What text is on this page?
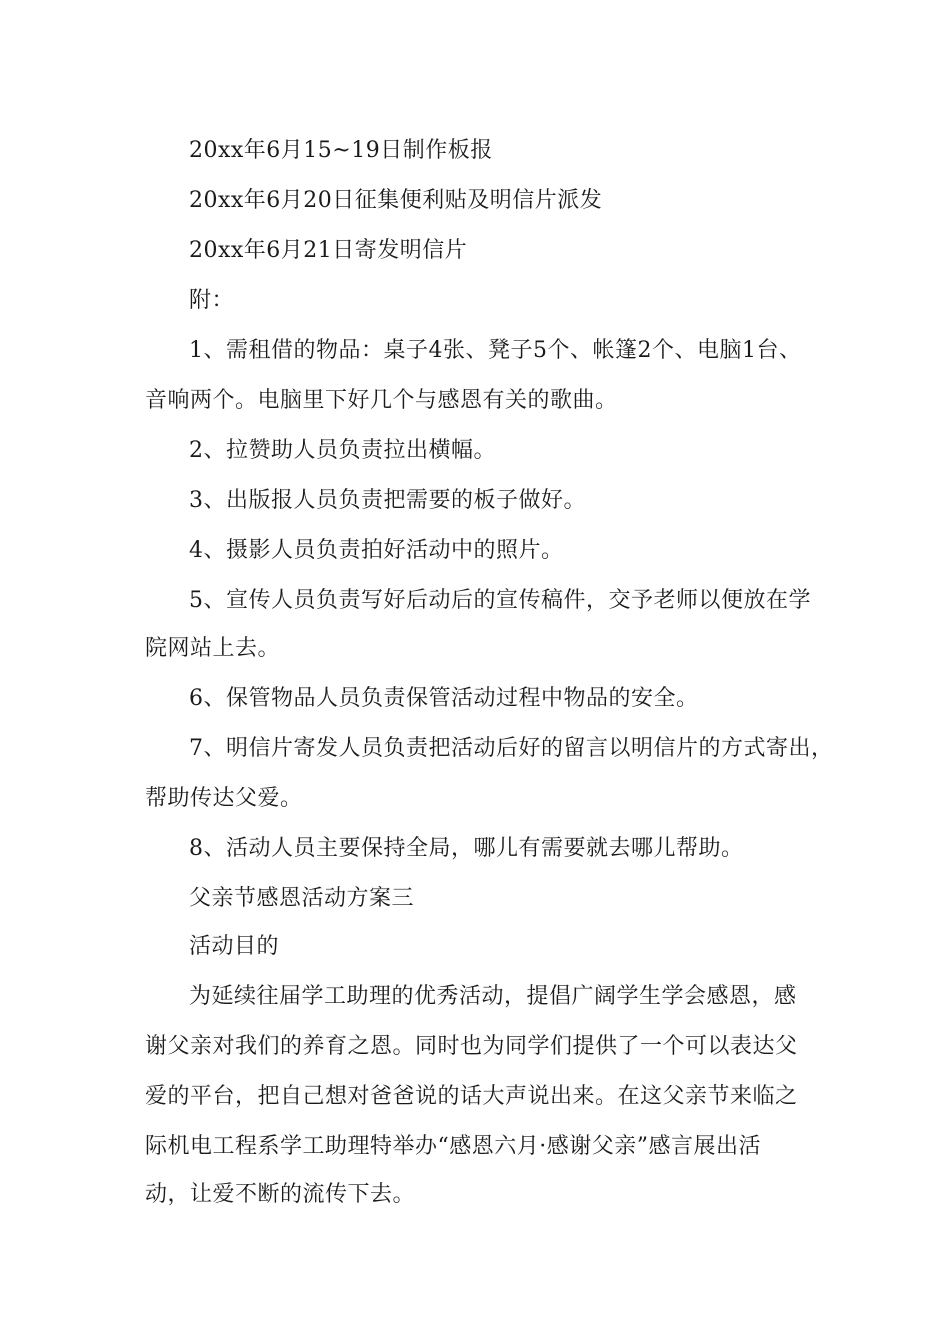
20xx年6月15~19日制作板报
20xx年6月20日征集便利贴及明信片派发
20xx年6月21日寄发明信片
附：
1、需租借的物品：桌子4张、凳子5个、帐篷2个、电脑1台、
音响两个。电脑里下好几个与感恩有关的歌曲。
2、拉赞助人员负责拉出横幅。
3、出版报人员负责把需要的板子做好。
4、摄影人员负责拍好活动中的照片。
5、宣传人员负责写好后动后的宣传稿件，交予老师以便放在学
院网站上去。
6、保管物品人员负责保管活动过程中物品的安全。
7、明信片寄发人员负责把活动后好的留言以明信片的方式寄出，
帮助传达父爱。
8、活动人员主要保持全局，哪儿有需要就去哪儿帮助。
父亲节感恩活动方案三
活动目的
为延续往届学工助理的优秀活动，提倡广阔学生学会感恩，感
谢父亲对我们的养育之恩。同时也为同学们提供了一个可以表达父
爱的平台，把自己想对爸爸说的话大声说出来。在这父亲节来临之
际机电工程系学工助理特举办“感恩六月·感谢父亲”感言展出活
动，让爱不断的流传下去。
